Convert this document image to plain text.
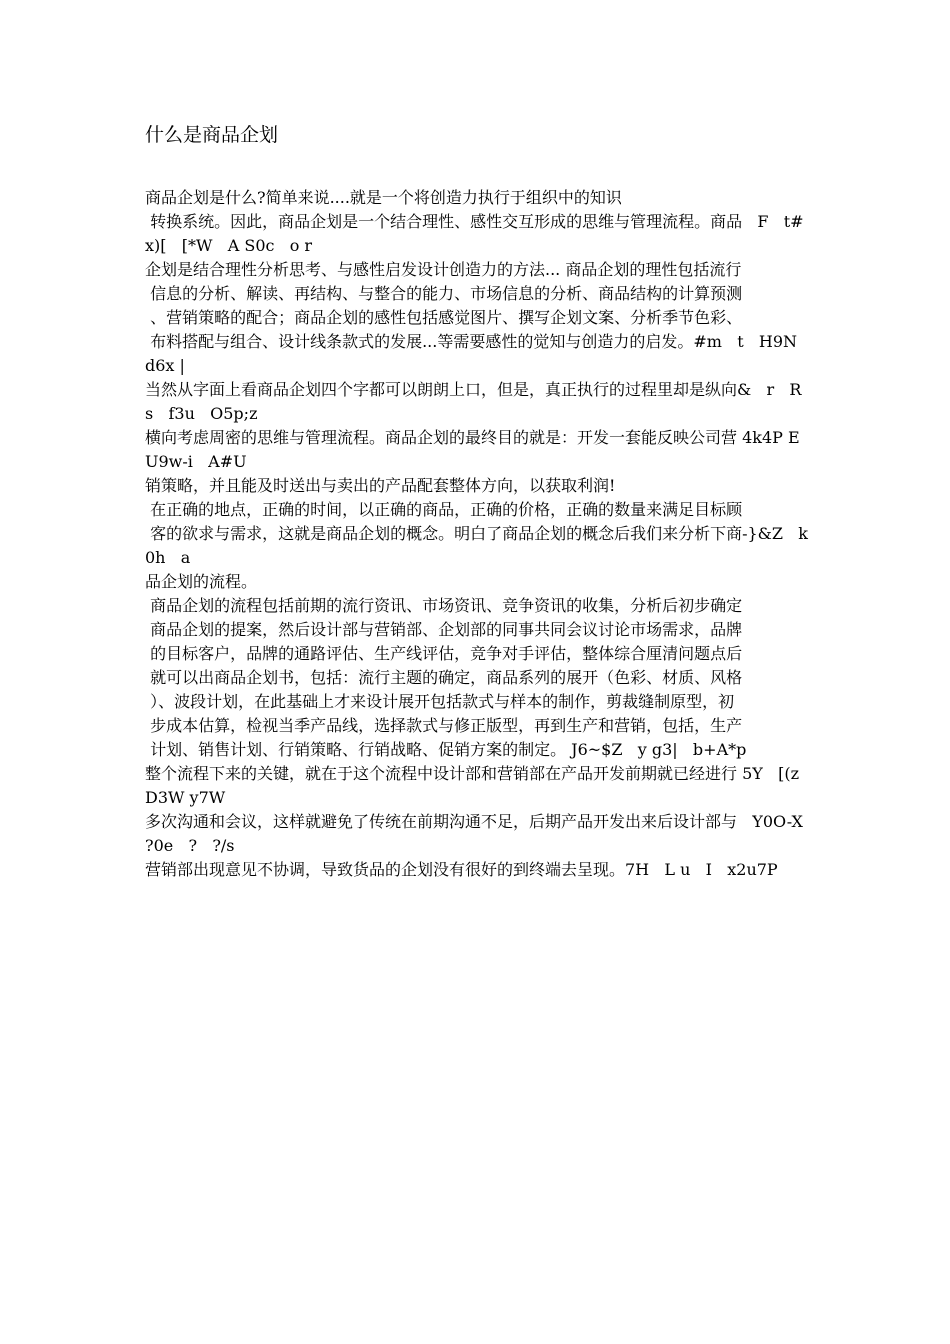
什么是商品企划

商品企划是什么?简单来说....就是一个将创造力执行于组织中的知识

转换系统。因此，商品企划是一个结合理性、感性交互形成的思维与管理流程。商品   F   t#x)[   [*W   A S0c   o r

企划是结合理性分析思考、与感性启发设计创造力的方法... 商品企划的理性包括流行

信息的分析、解读、再结构、与整合的能力、市场信息的分析、商品结构的计算预测

、营销策略的配合；商品企划的感性包括感觉图片、撰写企划文案、分析季节色彩、

布料搭配与组合、设计线条款式的发展...等需要感性的觉知与创造力的启发。#m   t   H9N   d6x |

当然从字面上看商品企划四个字都可以朗朗上口，但是，真正执行的过程里却是纵向&   r   R   s   f3u   O5p;z

横向考虑周密的思维与管理流程。商品企划的最终目的就是：开发一套能反映公司营 4k4P E   U9w-i   A#U

销策略，并且能及时送出与卖出的产品配套整体方向，以获取利润!

在正确的地点，正确的时间，以正确的商品，正确的价格，正确的数量来满足目标顾

客的欲求与需求，这就是商品企划的概念。明白了商品企划的概念后我们来分析下商-}&Z   k0h   a

品企划的流程。

商品企划的流程包括前期的流行资讯、市场资讯、竞争资讯的收集，分析后初步确定

商品企划的提案，然后设计部与营销部、企划部的同事共同会议讨论市场需求，品牌

的目标客户，品牌的通路评估、生产线评估，竞争对手评估，整体综合厘清问题点后

就可以出商品企划书，包括：流行主题的确定，商品系列的展开（色彩、材质、风格

）、波段计划，在此基础上才来设计展开包括款式与样本的制作，剪裁缝制原型，初

步成本估算，检视当季产品线，选择款式与修正版型，再到生产和营销，包括，生产

计划、销售计划、行销策略、行销战略、促销方案的制定。 J6~$Z   y g3|   b+A*p

整个流程下来的关键，就在于这个流程中设计部和营销部在产品开发前期就已经进行 5Y   [(z   D3W y7W

多次沟通和会议，这样就避免了传统在前期沟通不足，后期产品开发出来后设计部与   Y0O-X   ?0e   ?   ?/s

营销部出现意见不协调，导致货品的企划没有很好的到终端去呈现。7H   L u   I   x2u7P
